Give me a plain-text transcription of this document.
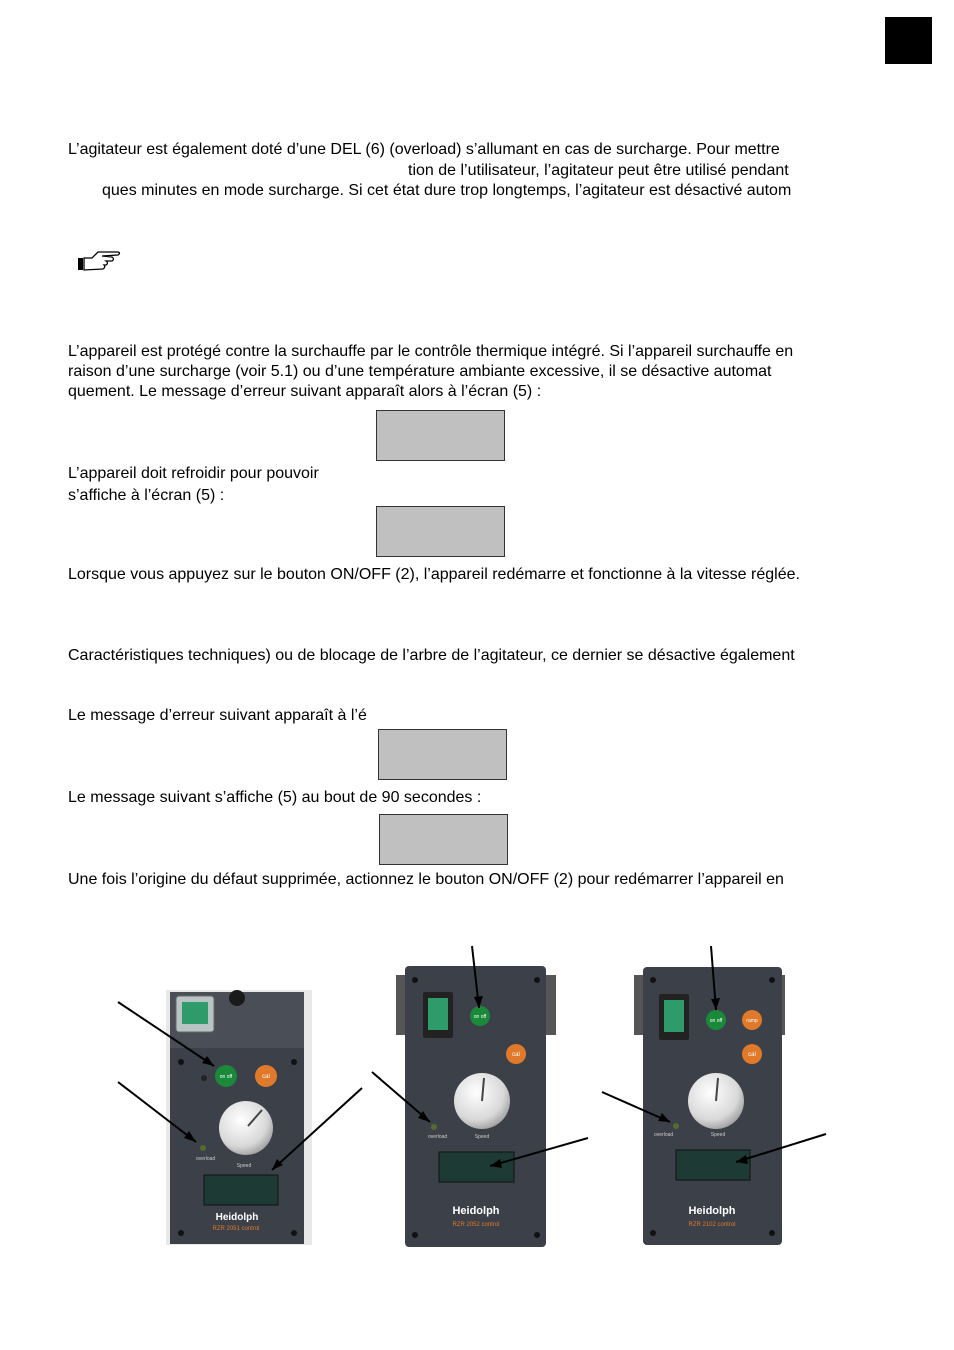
L’agitateur est également doté d’une DEL (6) (overload) s’allumant en cas de surcharge. Pour mettre
tion de l’utilisateur, l’agitateur peut être utilisé pendant
ques minutes en mode surcharge. Si cet état dure trop longtemps, l’agitateur est désactivé autom
L’appareil est protégé contre la surchauffe par le contrôle thermique intégré. Si l’appareil surchauffe en
raison d’une surcharge (voir 5.1) ou d’une température ambiante excessive, il se désactive automat
quement. Le message d’erreur suivant apparaît alors à l’écran (5) :
L’appareil doit refroidir pour pouvoir
s’affiche à l’écran (5) :
Lorsque vous appuyez sur le bouton ON/OFF (2), l’appareil redémarre et fonctionne à la vitesse réglée.
Caractéristiques techniques) ou de blocage de l’arbre de l’agitateur, ce dernier se désactive également
Le message d’erreur suivant apparaît à l’é
Le message suivant s’affiche (5) au bout de 90 secondes :
Une fois l’origine du défaut supprimée, actionnez le bouton ON/OFF (2) pour redémarrer l’appareil en
on off	cal
overload
Speed
Heidolph
RZR 2051 control
on off
cal
overload	Speed
Heidolph
RZR 2052 control
on off	ramp
cal
overload	Speed
Heidolph
RZR 2102 control
